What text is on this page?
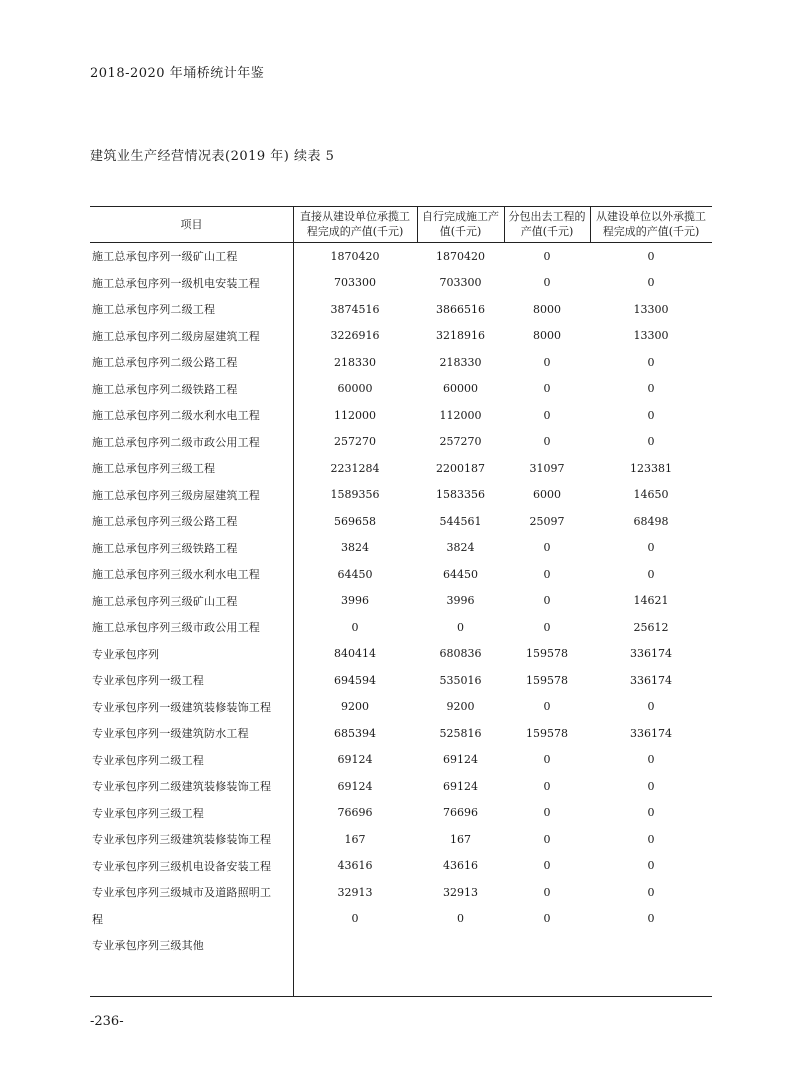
2018-2020 年埇桥统计年鉴
建筑业生产经营情况表(2019 年) 续表 5
项目	直接从建设单位承揽工程完成的产值(千元)	自行完成施工产值(千元)	分包出去工程的产值(千元)	从建设单位以外承揽工程完成的产值(千元)
施工总承包序列一级矿山工程	1870420	1870420	0	0
施工总承包序列一级机电安装工程	703300	703300	0	0
施工总承包序列二级工程	3874516	3866516	8000	13300
施工总承包序列二级房屋建筑工程	3226916	3218916	8000	13300
施工总承包序列二级公路工程	218330	218330	0	0
施工总承包序列二级铁路工程	60000	60000	0	0
施工总承包序列二级水利水电工程	112000	112000	0	0
施工总承包序列二级市政公用工程	257270	257270	0	0
施工总承包序列三级工程	2231284	2200187	31097	123381
施工总承包序列三级房屋建筑工程	1589356	1583356	6000	14650
施工总承包序列三级公路工程	569658	544561	25097	68498
施工总承包序列三级铁路工程	3824	3824	0	0
施工总承包序列三级水利水电工程	64450	64450	0	0
施工总承包序列三级矿山工程	3996	3996	0	14621
施工总承包序列三级市政公用工程	0	0	0	25612
专业承包序列	840414	680836	159578	336174
专业承包序列一级工程	694594	535016	159578	336174
专业承包序列一级建筑装修装饰工程	9200	9200	0	0
专业承包序列一级建筑防水工程	685394	525816	159578	336174
专业承包序列二级工程	69124	69124	0	0
专业承包序列二级建筑装修装饰工程	69124	69124	0	0
专业承包序列三级工程	76696	76696	0	0
专业承包序列三级建筑装修装饰工程	167	167	0	0
专业承包序列三级机电设备安装工程	43616	43616	0	0
专业承包序列三级城市及道路照明工	32913	32913	0	0
程	0	0	0	0
专业承包序列三级其他				
-236-
